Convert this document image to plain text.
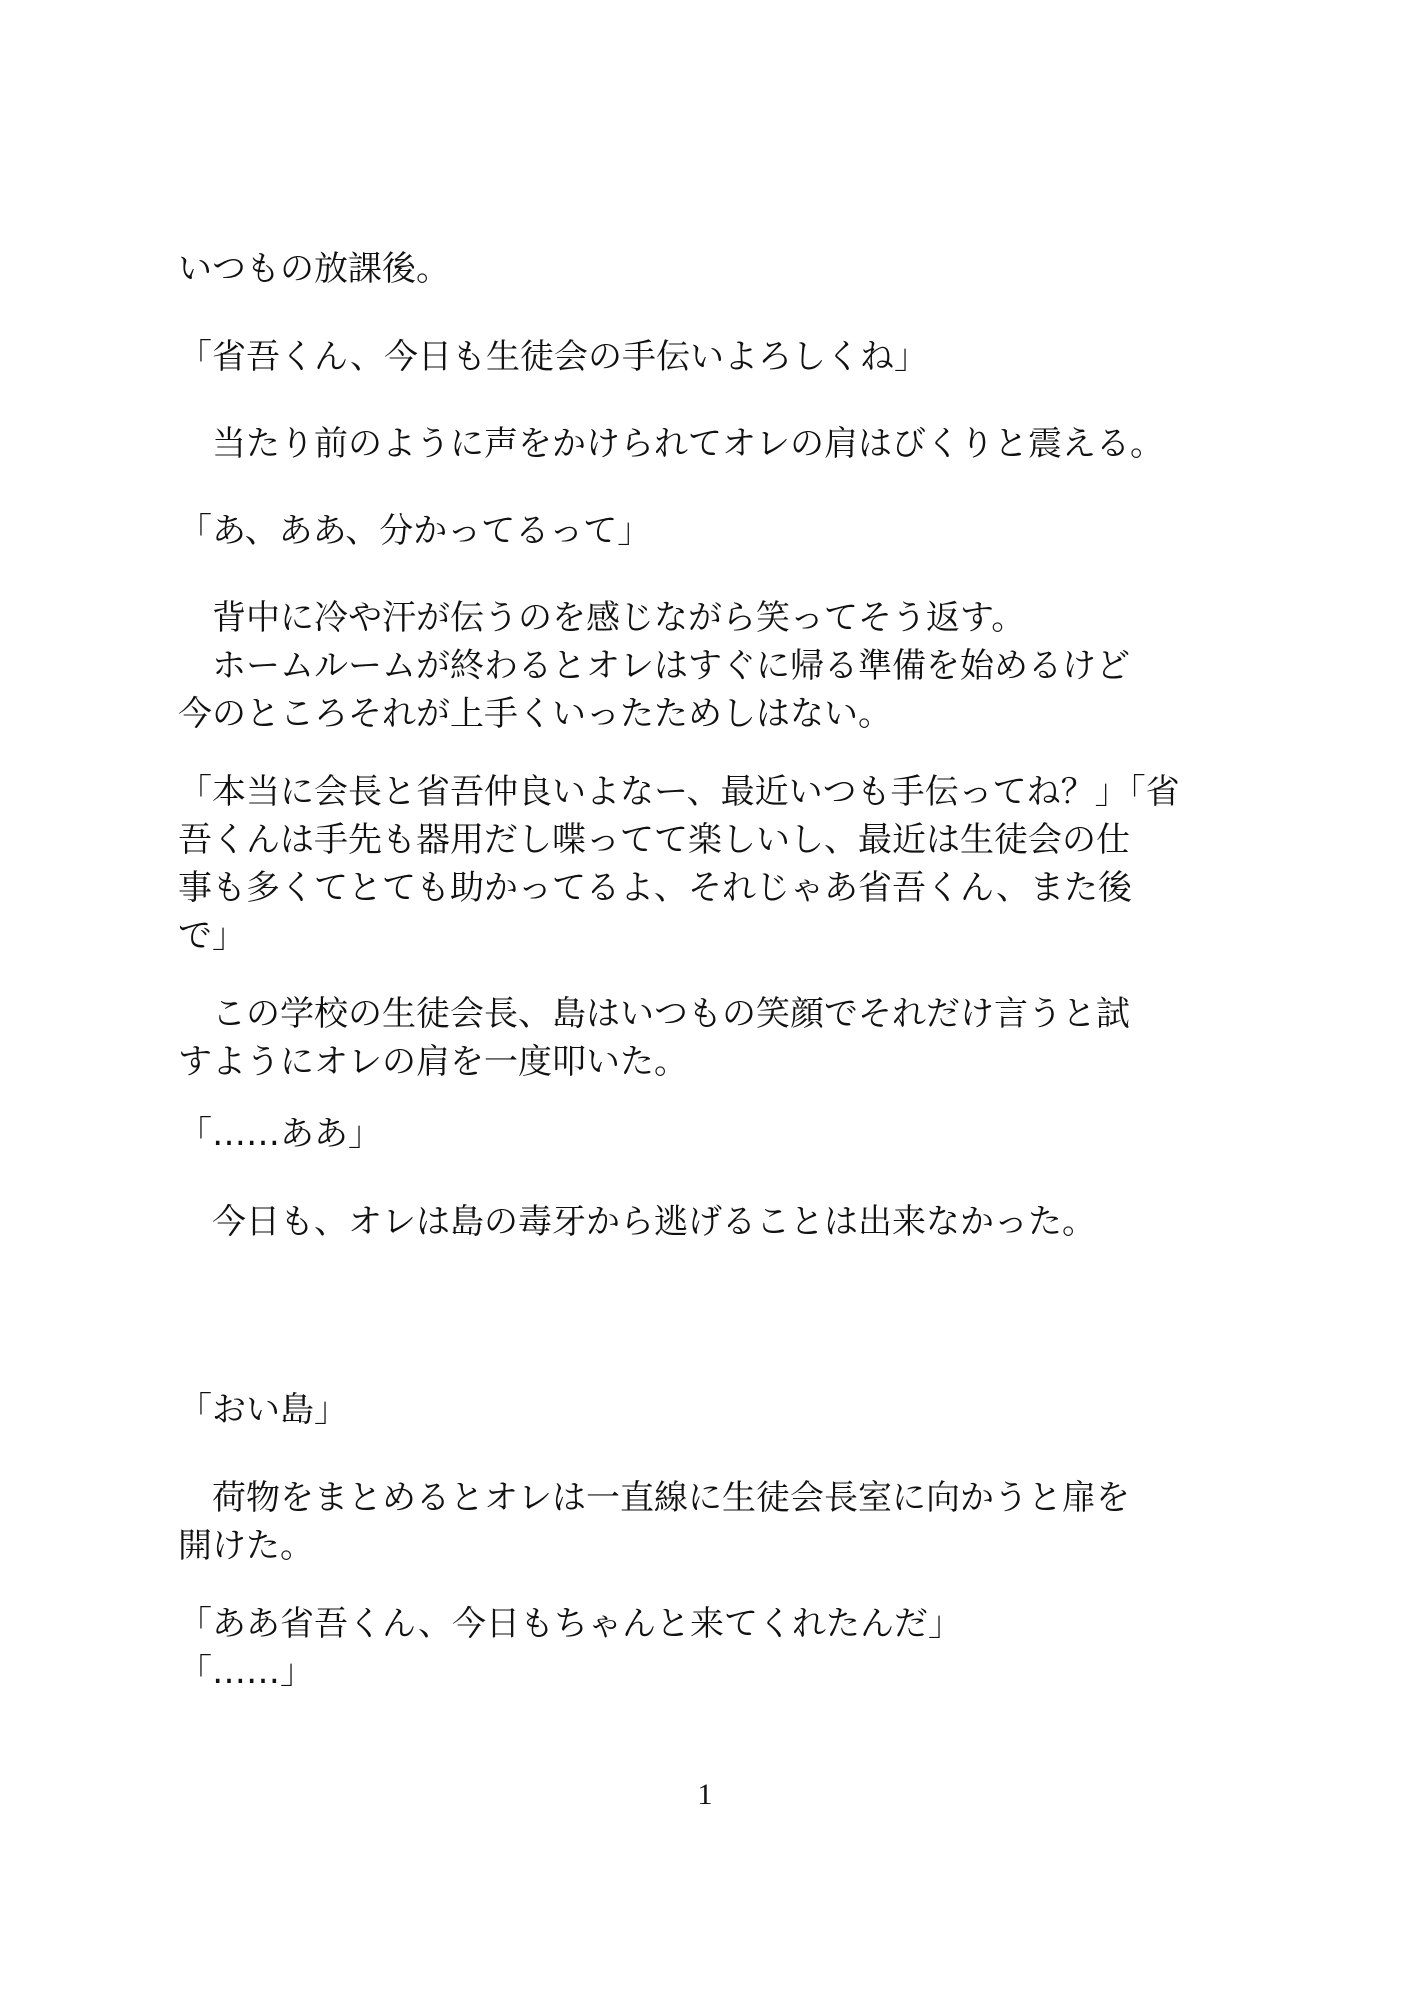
いつもの放課後。

「省吾くん、今日も生徒会の手伝いよろしくね」

　当たり前のように声をかけられてオレの肩はびくりと震える。

「あ、ああ、分かってるって」

　背中に冷や汗が伝うのを感じながら笑ってそう返す。
　ホームルームが終わるとオレはすぐに帰る準備を始めるけど
今のところそれが上手くいったためしはない。

「本当に会長と省吾仲良いよなー、最近いつも手伝ってね？」「省
吾くんは手先も器用だし喋ってて楽しいし、最近は生徒会の仕
事も多くてとても助かってるよ、それじゃあ省吾くん、また後
で」

　この学校の生徒会長、島はいつもの笑顔でそれだけ言うと試
すようにオレの肩を一度叩いた。

「……ああ」

　今日も、オレは島の毒牙から逃げることは出来なかった。

「おい島」

　荷物をまとめるとオレは一直線に生徒会長室に向かうと扉を
開けた。

「ああ省吾くん、今日もちゃんと来てくれたんだ」
「……」

1
